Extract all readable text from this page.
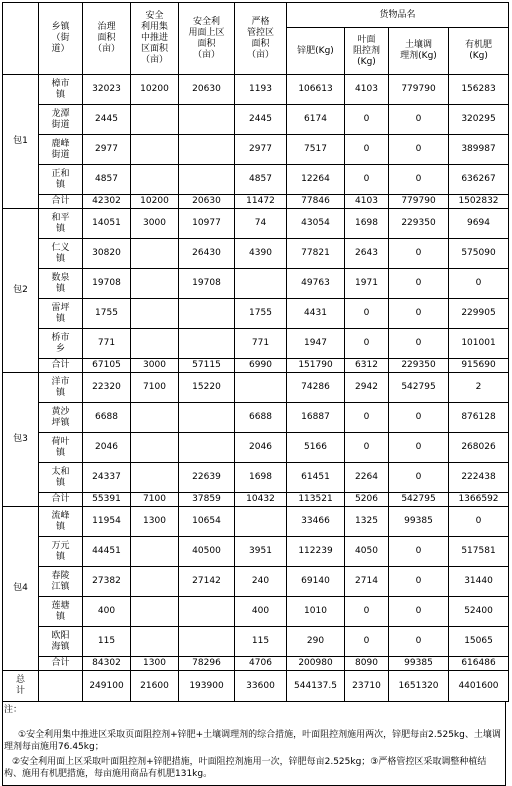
	乡镇
（街
道）	治理
面积
（亩）	安全
利用集
中推进
区面积
（亩）	安全利
用面上区
面积
（亩）	严格
管控区
面积
（亩）	货物品名			
						锌肥(Kg)	叶面
阻控剂
(Kg)	土壤调
理剂(Kg)	有机肥
(Kg)
包1	樟市
镇	32023	10200	20630	1193	106613	4103	779790	156283
	龙潭
街道	2445			2445	6174	0	0	320295
	鹿峰
街道	2977			2977	7517	0	0	389987
	正和
镇	4857			4857	12264	0	0	636267
	合计	42302	10200	20630	11472	77846	4103	779790	1502832
包2	和平
镇	14051	3000	10977	74	43054	1698	229350	9694
	仁义
镇	30820		26430	4390	77821	2643	0	575090
	数泉
镇	19708		19708		49763	1971	0	0
	雷坪
镇	1755			1755	4431	0	0	229905
	桥市
乡	771			771	1947	0	0	101001
	合计	67105	3000	57115	6990	151790	6312	229350	915690
包3	洋市
镇	22320	7100	15220		74286	2942	542795	2
	黄沙
坪镇	6688			6688	16887	0	0	876128
	荷叶
镇	2046			2046	5166	0	0	268026
	太和
镇	24337		22639	1698	61451	2264	0	222438
	合计	55391	7100	37859	10432	113521	5206	542795	1366592
包4	流峰
镇	11954	1300	10654		33466	1325	99385	0
	万元
镇	44451		40500	3951	112239	4050	0	517581
	春陵
江镇	27382		27142	240	69140	2714	0	31440
	莲塘
镇	400			400	1010	0	0	52400
	欧阳
海镇	115			115	290	0	0	15065
	合计	84302	1300	78296	4706	200980	8090	99385	616486
总
计		249100	21600	193900	33600	544137.5	23710	1651320	4401600

注：

①安全利用集中推进区采取页面阻控剂+锌肥+土壤调理剂的综合措施，叶面阻控剂施用两次，锌肥每亩2.525kg、土壤调理剂每亩施用76.45kg；

②安全利用面上区采取叶面阻控剂+锌肥措施，叶面阻控剂施用一次，锌肥每亩2.525kg；③严格管控区采取调整种植结构、施用有机肥措施，每亩施用商品有机肥131kg。
